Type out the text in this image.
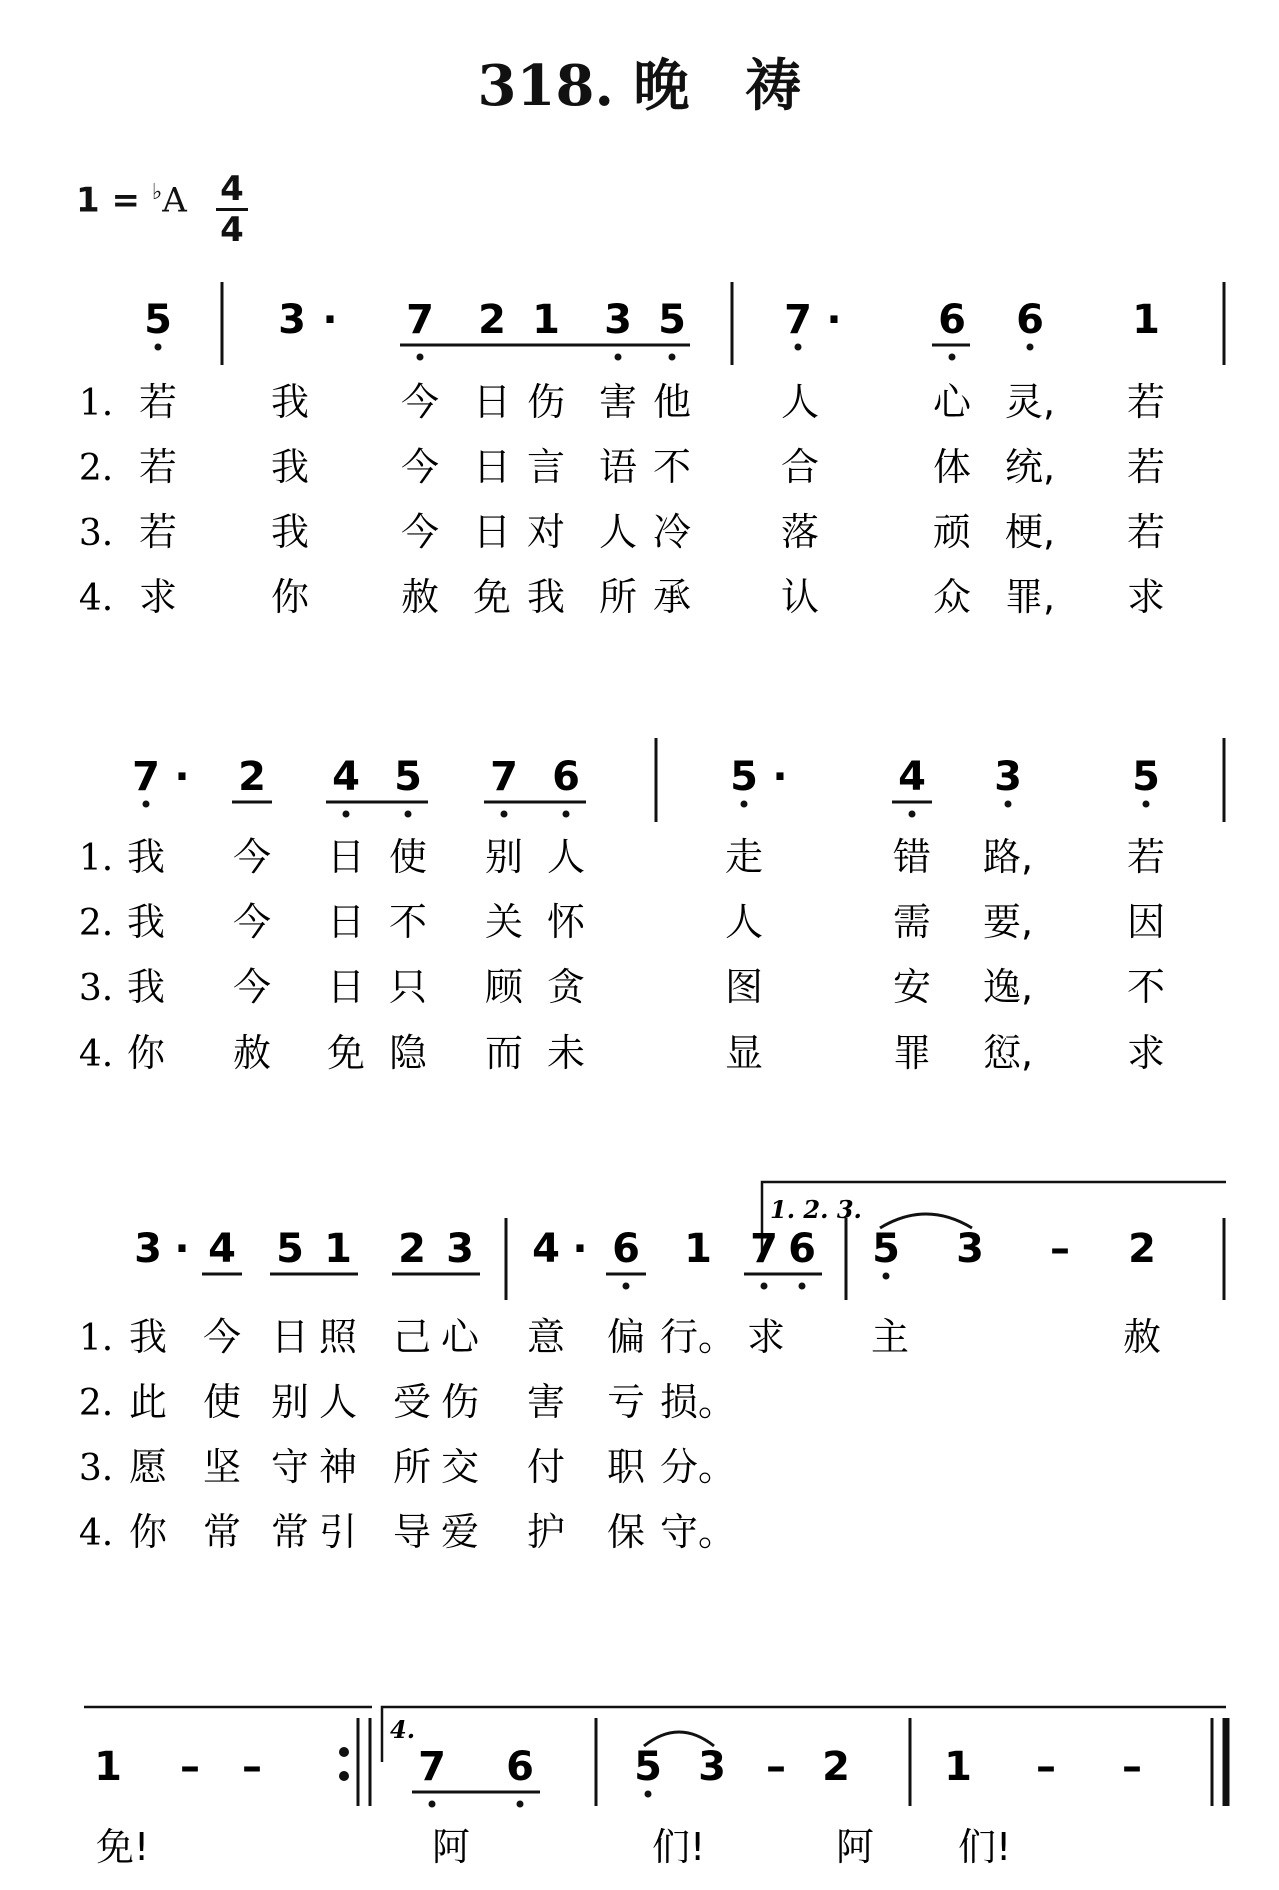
318. 晚　祷
1 = ♭A 4
4
1. 2. 3.
4.
5	3 · 7 2 1 3 5 7 · 6 6 1
1. 若 我 今 日 伤 害 他 人	心 灵, 若
2. 若 我 今 日 言 语 不 合	体 统, 若
3. 若 我 今 日 对 人 冷 落	顽 梗, 若
4. 求 你 赦 免 我 所 承 认	众 罪, 求
7 · 2 4 5 7 6	5 ·	4 3	5
1. 我 今 日 使 别 人	走	错 路, 若
2. 我 今 日 不 关 怀	人	需 要, 因
3. 我 今 日 只 顾 贪	图	安 逸, 不
4. 你 赦 免 隐 而 未	显	罪 愆, 求
3 · 4 5 1 2 3 4 · 6 1 7 6 5 3 – 2
1. 我 今 日 照 己 心 意 偏 行。 求 主	赦
2. 此 使 别 人 受 伤 害 亏 损。
3. 愿 坚 守 神 所 交 付 职 分。
4. 你 常 常 引 导 爱 护 保 守。
1 – –	7 6	5 3 – 2 1 – –
免!	阿	们!	阿 们!
